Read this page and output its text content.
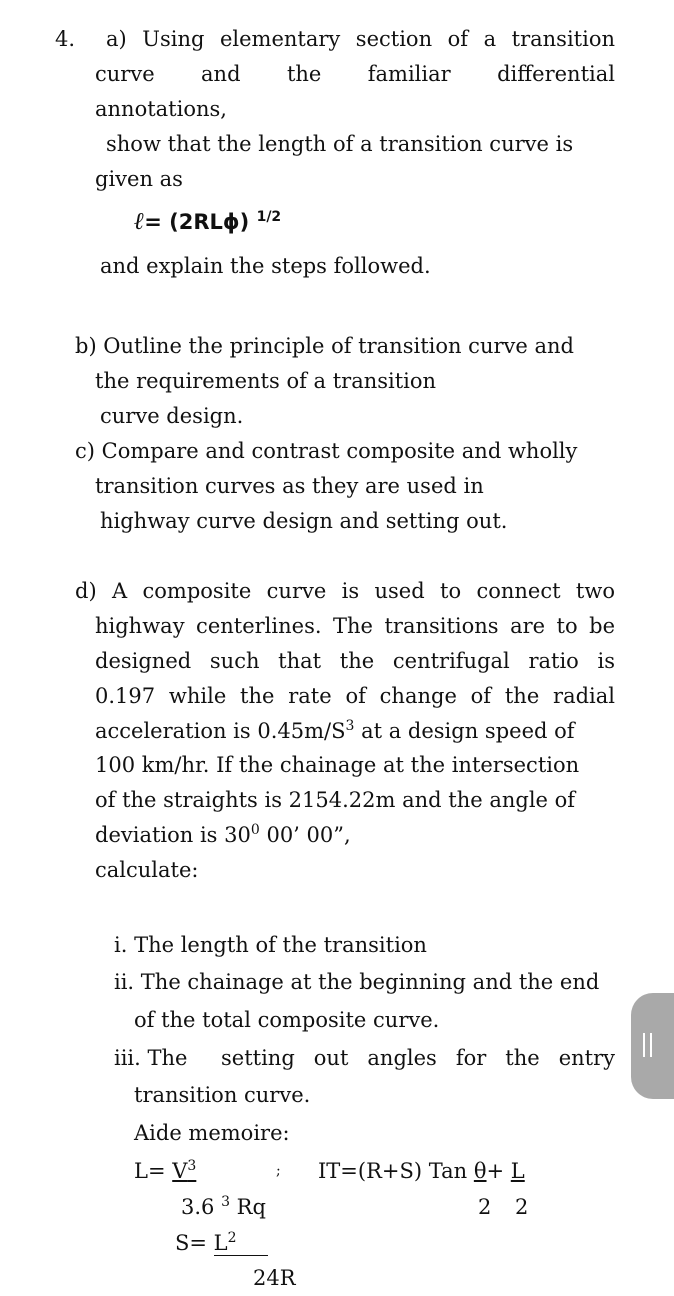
4. a) Using elementary section of a transition
curve and the familiar differential
annotations,
show that the length of a transition curve is
given as
ℓ= (2RLϕ) $^{1/2}$
and explain the steps followed.
b) Outline the principle of transition curve and
the requirements of a transition
curve design.
c) Compare and contrast composite and wholly
transition curves as they are used in
highway curve design and setting out.
d) A composite curve is used to connect two
highway centerlines. The transitions are to be
designed such that the centrifugal ratio is
0.197 while the rate of change of the radial
acceleration is $0.45m/S^3$ at a design speed of
100 km/hr. If the chainage at the intersection
of the straights is 2154.22m and the angle of
deviation is $30^0$ 00’ 00”,
calculate:
i. The length of the transition
ii. The chainage at the beginning and the end
of the total composite curve.
iii. The setting out angles for the entry
transition curve.
Aide memoire:
$L= V^3$	; IT=(R+S) Tan θ+ L
3.6 $^3$ Rq	2 2
$S= L^2$
24R
